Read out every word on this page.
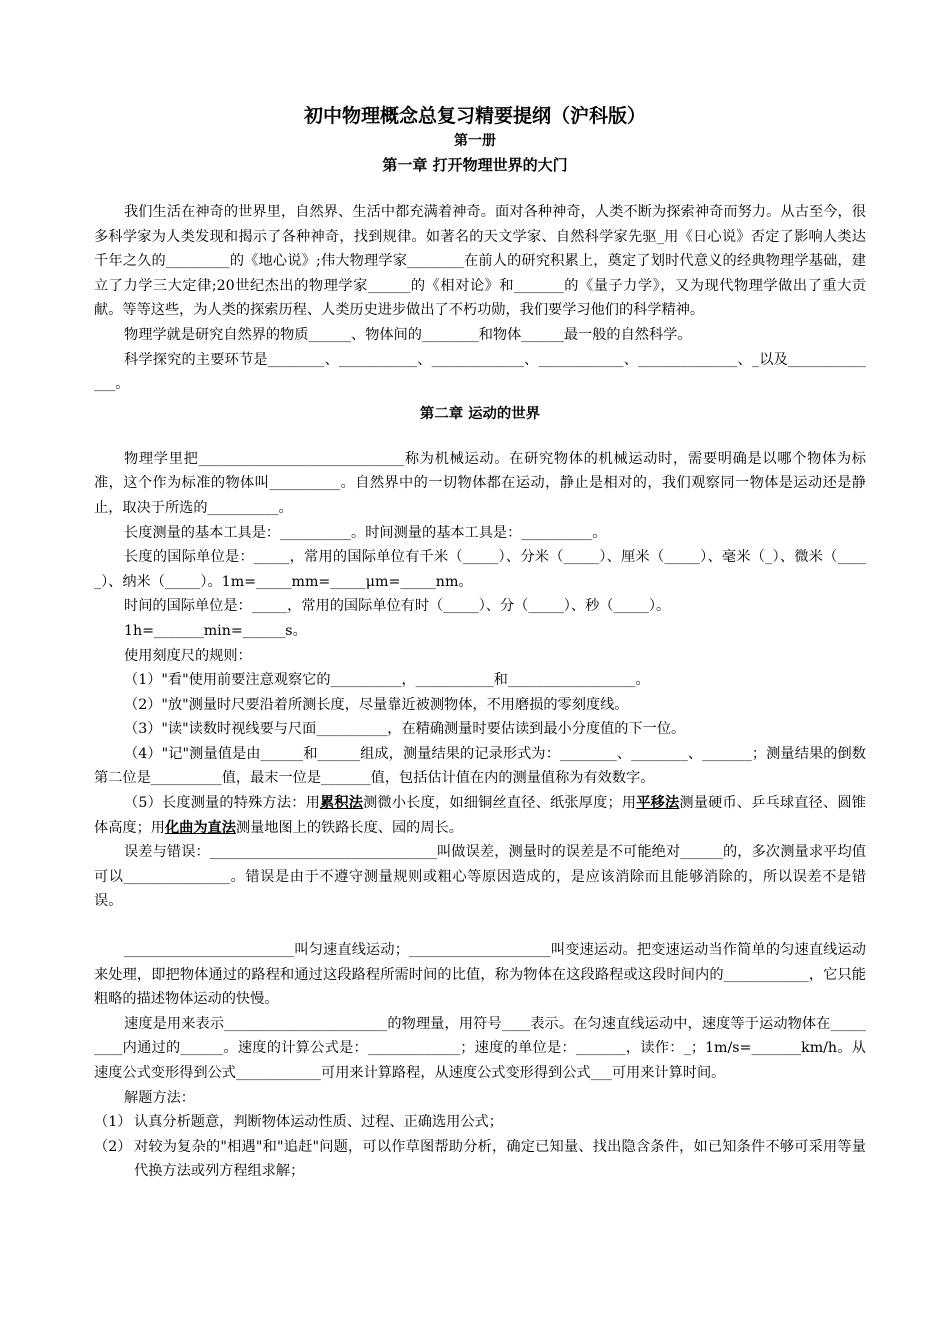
初中物理概念总复习精要提纲（沪科版）
第一册
第一章 打开物理世界的大门

我们生活在神奇的世界里，自然界、生活中都充满着神奇。面对各种神奇，人类不断为探索神奇而努力。从古至今，很多科学家为人类发现和揭示了各种神奇，找到规律。如著名的天文学家、自然科学家先驱_用《日心说》否定了影响人类达千年之久的_________的《地心说》;伟大物理学家________在前人的研究积累上，奠定了划时代意义的经典物理学基础，建立了力学三大定律;20世纪杰出的物理学家______的《相对论》和_______的《量子力学》，又为现代物理学做出了重大贡献。等等这些，为人类的探索历程、人类历史进步做出了不朽功勋，我们要学习他们的科学精神。

物理学就是研究自然界的物质______、物体间的________和物体______最一般的自然科学。

科学探究的主要环节是________、___________、_____________、____________、______________、_以及______________。

第二章 运动的世界

物理学里把_____________________________称为机械运动。在研究物体的机械运动时，需要明确是以哪个物体为标准，这个作为标准的物体叫__________。自然界中的一切物体都在运动，静止是相对的，我们观察同一物体是运动还是静止，取决于所选的__________。

长度测量的基本工具是：__________。时间测量的基本工具是：__________。

长度的国际单位是：_____，常用的国际单位有千米（_____）、分米（_____）、厘米（_____）、毫米（_）、微米（_____）、纳米（_____）。1m=_____mm=_____μm=_____nm。

时间的国际单位是：_____，常用的国际单位有时（_____）、分（_____）、秒（_____）。

1h=_______min=______s。

使用刻度尺的规则：

（1）"看"使用前要注意观察它的__________，___________和__________________。

（2）"放"测量时尺要沿着所测长度，尽量靠近被测物体，不用磨损的零刻度线。

（3）"读"读数时视线要与尺面__________，在精确测量时要估读到最小分度值的下一位。

（4）"记"测量值是由______和______组成，测量结果的记录形式为：________、________、_______；测量结果的倒数第二位是__________值，最末一位是_______值，包括估计值在内的测量值称为有效数字。

（5）长度测量的特殊方法：用累积法测微小长度，如细铜丝直径、纸张厚度；用平移法测量硬币、乒乓球直径、圆锥体高度；用化曲为直法测量地图上的铁路长度、园的周长。

误差与错误：________________________________叫做误差，测量时的误差是不可能绝对______的，多次测量求平均值可以_______________。错误是由于不遵守测量规则或粗心等原因造成的，是应该消除而且能够消除的，所以误差不是错误。

________________________叫匀速直线运动；____________________叫变速运动。把变速运动当作简单的匀速直线运动来处理，即把物体通过的路程和通过这段路程所需时间的比值，称为物体在这段路程或这段时间内的____________，它只能粗略的描述物体运动的快慢。

速度是用来表示_______________________的物理量，用符号____表示。在匀速直线运动中，速度等于运动物体在_________内通过的______。速度的计算公式是：_____________；速度的单位是：_______，读作：_；1m/s=_______km/h。从速度公式变形得到公式____________可用来计算路程，从速度公式变形得到公式___可用来计算时间。

解题方法：

（1） 认真分析题意，判断物体运动性质、过程、正确选用公式；
（2） 对较为复杂的"相遇"和"追赶"问题，可以作草图帮助分析，确定已知量、找出隐含条件，如已知条件不够可采用等量代换方法或列方程组求解；
